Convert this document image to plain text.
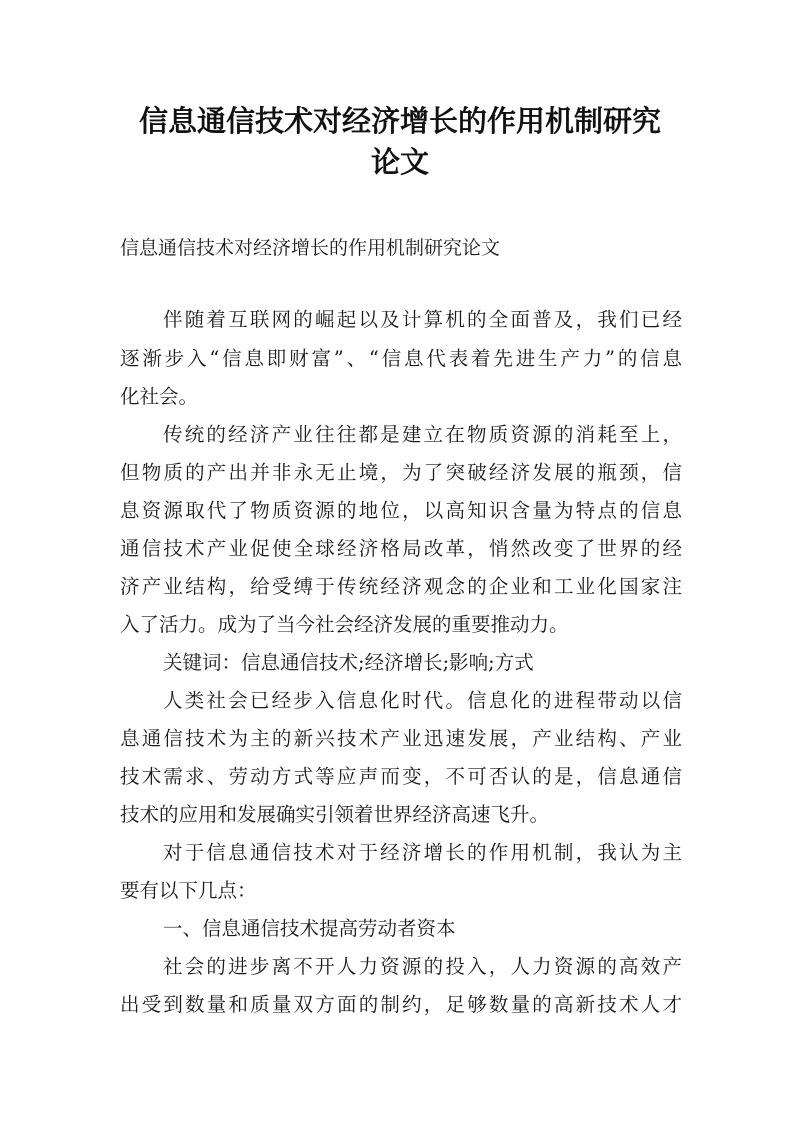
信息通信技术对经济增长的作用机制研究
论文

信息通信技术对经济增长的作用机制研究论文

伴随着互联网的崛起以及计算机的全面普及，我们已经

逐渐步入“信息即财富”、“信息代表着先进生产力”的信息

化社会。

传统的经济产业往往都是建立在物质资源的消耗至上，

但物质的产出并非永无止境，为了突破经济发展的瓶颈，信

息资源取代了物质资源的地位，以高知识含量为特点的信息

通信技术产业促使全球经济格局改革，悄然改变了世界的经

济产业结构，给受缚于传统经济观念的企业和工业化国家注

入了活力。成为了当今社会经济发展的重要推动力。

关键词：信息通信技术;经济增长;影响;方式

人类社会已经步入信息化时代。信息化的进程带动以信

息通信技术为主的新兴技术产业迅速发展，产业结构、产业

技术需求、劳动方式等应声而变，不可否认的是，信息通信

技术的应用和发展确实引领着世界经济高速飞升。

对于信息通信技术对于经济增长的作用机制，我认为主

要有以下几点：

一、信息通信技术提高劳动者资本

社会的进步离不开人力资源的投入，人力资源的高效产

出受到数量和质量双方面的制约，足够数量的高新技术人才
